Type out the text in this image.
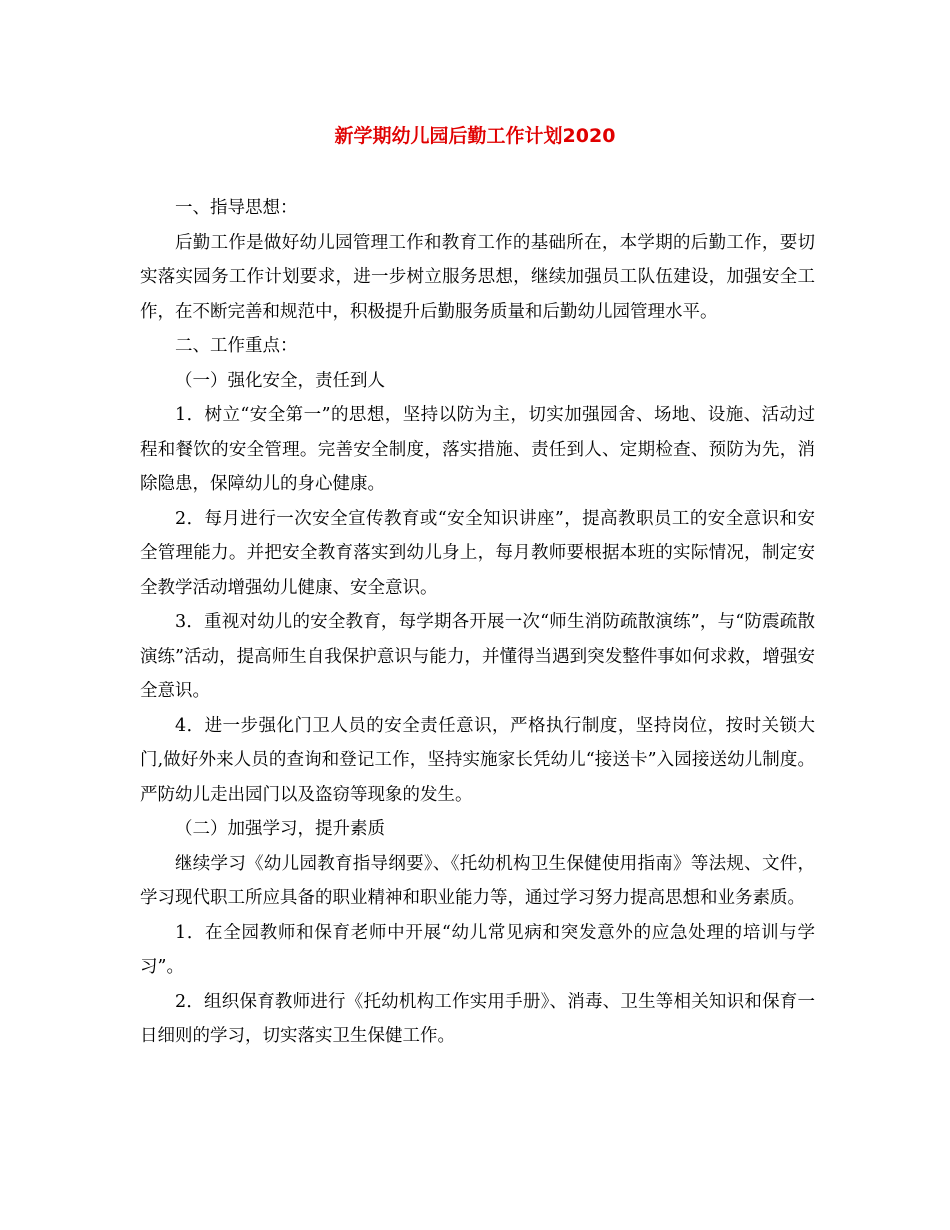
新学期幼儿园后勤工作计划2020

一、指导思想：

后勤工作是做好幼儿园管理工作和教育工作的基础所在，本学期的后勤工作，要切实落实园务工作计划要求，进一步树立服务思想，继续加强员工队伍建设，加强安全工作，在不断完善和规范中，积极提升后勤服务质量和后勤幼儿园管理水平。

二、工作重点：

（一）强化安全，责任到人

1．树立“安全第一”的思想，坚持以防为主，切实加强园舍、场地、设施、活动过程和餐饮的安全管理。完善安全制度，落实措施、责任到人、定期检查、预防为先，消除隐患，保障幼儿的身心健康。

2．每月进行一次安全宣传教育或“安全知识讲座”，提高教职员工的安全意识和安全管理能力。并把安全教育落实到幼儿身上，每月教师要根据本班的实际情况，制定安全教学活动增强幼儿健康、安全意识。

3．重视对幼儿的安全教育，每学期各开展一次“师生消防疏散演练”，与“防震疏散演练”活动，提高师生自我保护意识与能力，并懂得当遇到突发整件事如何求救，增强安全意识。

4．进一步强化门卫人员的安全责任意识，严格执行制度，坚持岗位，按时关锁大门,做好外来人员的查询和登记工作，坚持实施家长凭幼儿“接送卡”入园接送幼儿制度。严防幼儿走出园门以及盗窃等现象的发生。

（二）加强学习，提升素质

继续学习《幼儿园教育指导纲要》、《托幼机构卫生保健使用指南》等法规、文件，学习现代职工所应具备的职业精神和职业能力等，通过学习努力提高思想和业务素质。

1．在全园教师和保育老师中开展“幼儿常见病和突发意外的应急处理的培训与学习”。

2．组织保育教师进行《托幼机构工作实用手册》、消毒、卫生等相关知识和保育一日细则的学习，切实落实卫生保健工作。
